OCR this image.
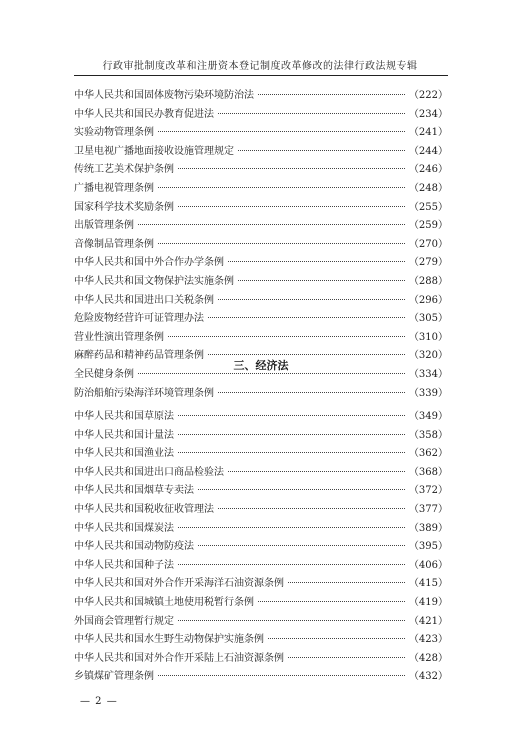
行政审批制度改革和注册资本登记制度改革修改的法律行政法规专辑
中华人民共和国固体废物污染环境防治法	（222）
中华人民共和国民办教育促进法	（234）
实验动物管理条例	（241）
卫星电视广播地面接收设施管理规定	（244）
传统工艺美术保护条例	（246）
广播电视管理条例	（248）
国家科学技术奖励条例	（255）
出版管理条例	（259）
音像制品管理条例	（270）
中华人民共和国中外合作办学条例	（279）
中华人民共和国文物保护法实施条例	（288）
中华人民共和国进出口关税条例	（296）
危险废物经营许可证管理办法	（305）
营业性演出管理条例	（310）
麻醉药品和精神药品管理条例	（320）
全民健身条例	（334）
防治船舶污染海洋环境管理条例	（339）
三、经济法
中华人民共和国草原法	（349）
中华人民共和国计量法	（358）
中华人民共和国渔业法	（362）
中华人民共和国进出口商品检验法	（368）
中华人民共和国烟草专卖法	（372）
中华人民共和国税收征收管理法	（377）
中华人民共和国煤炭法	（389）
中华人民共和国动物防疫法	（395）
中华人民共和国种子法	（406）
中华人民共和国对外合作开采海洋石油资源条例	（415）
中华人民共和国城镇土地使用税暂行条例	（419）
外国商会管理暂行规定	（421）
中华人民共和国水生野生动物保护实施条例	（423）
中华人民共和国对外合作开采陆上石油资源条例	（428）
乡镇煤矿管理条例	（432）
— 2 —
